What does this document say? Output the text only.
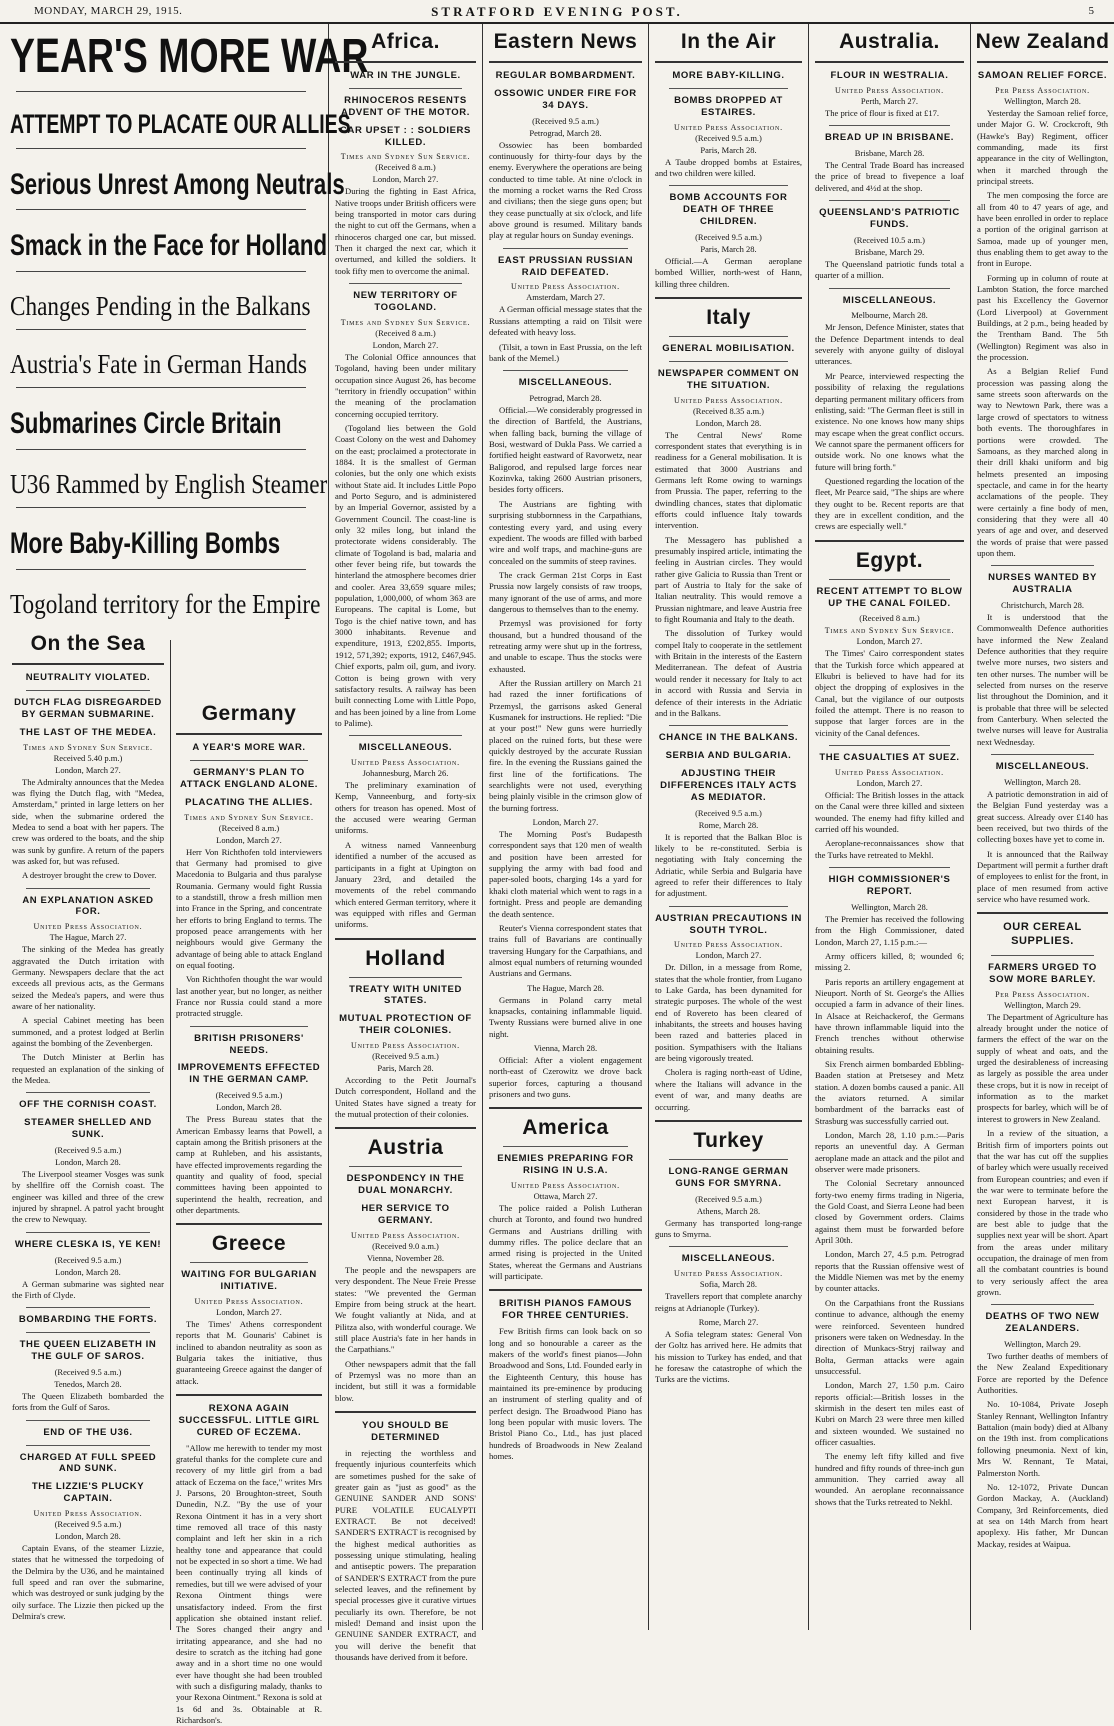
MONDAY, MARCH 29, 1915.	STRATFORD EVENING POST.	5
YEAR'S MORE WAR
ATTEMPT TO PLACATE OUR ALLIES
Serious Unrest Among Neutrals
Smack in the Face for Holland
Changes Pending in the Balkans
Austria's Fate in German Hands
Submarines Circle Britain
U36 Rammed by English Steamer
More Baby-Killing Bombs
Togoland territory for the Empire
On the Sea
NEUTRALITY VIOLATED.
DUTCH FLAG DISREGARDED BY GERMAN SUBMARINE.
THE LAST OF THE MEDEA.
Times and Sydney Sun Service.
Received 5.40 p.m.)
London, March 27.

The Admiralty announces that the Medea was flying the Dutch flag, with "Medea, Amsterdam," printed in large letters on her side, when the submarine ordered the Medea to send a boat with her papers. The crew was ordered to the boats, and the ship was sunk by gunfire. A return of the papers was asked for, but was refused.

A destroyer brought the crew to Dover.

AN EXPLANATION ASKED FOR.
United Press Association.
The Hague, March 27.

The sinking of the Medea has greatly aggravated the Dutch irritation with Germany. Newspapers declare that the act exceeds all previous acts, as the Germans seized the Medea's papers, and were thus aware of her nationality.

A special Cabinet meeting has been summoned, and a protest lodged at Berlin against the bombing of the Zevenbergen.

The Dutch Minister at Berlin has requested an explanation of the sinking of the Medea.

OFF THE CORNISH COAST.
STEAMER SHELLED AND SUNK.
(Received 9.5 a.m.)
London, March 28.

The Liverpool steamer Vosges was sunk by shellfire off the Cornish coast. The engineer was killed and three of the crew injured by shrapnel. A patrol yacht brought the crew to Newquay.

WHERE CLESKA IS, YE KEN!
(Received 9.5 a.m.)
London, March 28.

A German submarine was sighted near the Firth of Clyde.

BOMBARDING THE FORTS.
THE QUEEN ELIZABETH IN THE GULF OF SAROS.
(Received 9.5 a.m.)
Tenedos, March 28.

The Queen Elizabeth bombarded the forts from the Gulf of Saros.

END OF THE U36.
CHARGED AT FULL SPEED AND SUNK.
THE LIZZIE'S PLUCKY CAPTAIN.
United Press Association.
(Received 9.5 a.m.)
London, March 28.

Captain Evans, of the steamer Lizzie, states that he witnessed the torpedoing of the Delmira by the U36, and he maintained full speed and ran over the submarine, which was destroyed or sunk judging by the oily surface. The Lizzie then picked up the Delmira's crew.

Germany
A YEAR'S MORE WAR.
GERMANY'S PLAN TO ATTACK ENGLAND ALONE.
PLACATING THE ALLIES.
Times and Sydney Sun Service.
(Received 8 a.m.)
London, March 27.

Herr Von Richthofen told interviewers that Germany had promised to give Macedonia to Bulgaria and thus paralyse Roumania. Germany would fight Russia to a standstill, throw a fresh million men into France in the Spring, and concentrate her efforts to bring England to terms. The proposed peace arrangements with her neighbours would give Germany the advantage of being able to attack England on equal footing.

Von Richthofen thought the war would last another year, but no longer, as neither France nor Russia could stand a more protracted struggle.

BRITISH PRISONERS' NEEDS.
IMPROVEMENTS EFFECTED IN THE GERMAN CAMP.
(Received 9.5 a.m.)
London, March 28.

The Press Bureau states that the American Embassy learns that Powell, a captain among the British prisoners at the camp at Ruhleben, and his assistants, have effected improvements regarding the quantity and quality of food, special committees having been appointed to superintend the health, recreation, and other departments.

Greece
WAITING FOR BULGARIAN INITIATIVE.
United Press Association.
London, March 27.

The Times' Athens correspondent reports that M. Gounaris' Cabinet is inclined to abandon neutrality as soon as Bulgaria takes the initiative, thus guaranteeing Greece against the danger of attack.

REXONA AGAIN SUCCESSFUL. LITTLE GIRL CURED OF ECZEMA.

"Allow me herewith to tender my most grateful thanks for the complete cure and recovery of my little girl from a bad attack of Eczema on the face," writes Mrs J. Parsons, 20 Broughton-street, South Dunedin, N.Z. "By the use of your Rexona Ointment it has in a very short time removed all trace of this nasty complaint and left her skin in a rich healthy tone and appearance that could not be expected in so short a time. We had been continually trying all kinds of remedies, but till we were advised of your Rexona Ointment things were unsatisfactory indeed. From the first application she obtained instant relief. The Sores changed their angry and irritating appearance, and she had no desire to scratch as the itching had gone away and in a short time no one would ever have thought she had been troubled with such a disfiguring malady, thanks to your Rexona Ointment." Rexona is sold at 1s 6d and 3s. Obtainable at R. Richardson's.

Africa.
WAR IN THE JUNGLE.
RHINOCEROS RESENTS ADVENT OF THE MOTOR.
CAR UPSET : : SOLDIERS KILLED.
Times and Sydney Sun Service.
(Received 8 a.m.)
London, March 27.

During the fighting in East Africa, Native troops under British officers were being transported in motor cars during the night to cut off the Germans, when a rhinoceros charged one car, but missed. Then it charged the next car, which it overturned, and killed the soldiers. It took fifty men to overcome the animal.

NEW TERRITORY OF TOGOLAND.
Times and Sydney Sun Service.
(Received 8 a.m.)
London, March 27.

The Colonial Office announces that Togoland, having been under military occupation since August 26, has become "territory in friendly occupation" within the meaning of the proclamation concerning occupied territory.

(Togoland lies between the Gold Coast Colony on the west and Dahomey on the east; proclaimed a protectorate in 1884. It is the smallest of German colonies, but the only one which exists without State aid. It includes Little Popo and Porto Seguro, and is administered by an Imperial Governor, assisted by a Government Council. The coast-line is only 32 miles long, but inland the protectorate widens considerably. The climate of Togoland is bad, malaria and other fever being rife, but towards the hinterland the atmosphere becomes drier and cooler. Area 33,659 square miles; population, 1,000,000, of whom 363 are Europeans. The capital is Lome, but Togo is the chief native town, and has 3000 inhabitants. Revenue and expenditure, 1913, £202,855. Imports, 1912, 571,392; exports, 1912, £467,945. Chief exports, palm oil, gum, and ivory. Cotton is being grown with very satisfactory results. A railway has been built connecting Lome with Little Popo, and has been joined by a line from Lome to Palime).

MISCELLANEOUS.
United Press Association.
Johannesburg, March 26.

The preliminary examination of Kemp, Vanneenburg, and forty-six others for treason has opened. Most of the accused were wearing German uniforms.

A witness named Vanneenburg identified a number of the accused as participants in a fight at Upington on January 23rd, and detailed the movements of the rebel commando which entered German territory, where it was equipped with rifles and German uniforms.

Holland
TREATY WITH UNITED STATES.
MUTUAL PROTECTION OF THEIR COLONIES.
United Press Association.
(Received 9.5 a.m.)
Paris, March 28.

According to the Petit Journal's Dutch correspondent, Holland and the United States have signed a treaty for the mutual protection of their colonies.

Austria
DESPONDENCY IN THE DUAL MONARCHY.
HER SERVICE TO GERMANY.
United Press Association.
(Received 9.0 a.m.)
Vienna, November 28.

The people and the newspapers are very despondent. The Neue Freie Presse states: "We prevented the German Empire from being struck at the heart. We fought valiantly at Nida, and at Pilitza also, with wonderful courage. We still place Austria's fate in her hands in the Carpathians."

Other newspapers admit that the fall of Przemysl was no more than an incident, but still it was a formidable blow.

YOU SHOULD BE DETERMINED

in rejecting the worthless and frequently injurious counterfeits which are sometimes pushed for the sake of greater gain as "just as good" as the GENUINE SANDER AND SONS' PURE VOLATILE EUCALYPTI EXTRACT. Be not deceived! SANDER'S EXTRACT is recognised by the highest medical authorities as possessing unique stimulating, healing and antiseptic powers. The preparation of SANDER'S EXTRACT from the pure selected leaves, and the refinement by special processes give it curative virtues peculiarly its own. Therefore, be not misled! Demand and insist upon the GENUINE SANDER EXTRACT, and you will derive the benefit that thousands have derived from it before.

Eastern News
REGULAR BOMBARDMENT.
OSSOWIC UNDER FIRE FOR 34 DAYS.
(Received 9.5 a.m.)
Petrograd, March 28.

Ossowiec has been bombarded continuously for thirty-four days by the enemy. Everywhere the operations are being conducted to time table. At nine o'clock in the morning a rocket warns the Red Cross and civilians; then the siege guns open; but they cease punctually at six o'clock, and life above ground is resumed. Military bands play at regular hours on Sunday evenings.

EAST PRUSSIAN RUSSIAN RAID DEFEATED.
United Press Association.
Amsterdam, March 27.

A German official message states that the Russians attempting a raid on Tilsit were defeated with heavy loss.

(Tilsit, a town in East Prussia, on the left bank of the Memel.)

MISCELLANEOUS.
Petrograd, March 28.

Official.—We considerably progressed in the direction of Bartfeld, the Austrians, when falling back, burning the village of Bosi, westward of Dukla Pass. We carried a fortified height eastward of Ravorwetz, near Baligorod, and repulsed large forces near Kozinvka, taking 2600 Austrian prisoners, besides forty officers.

The Austrians are fighting with surprising stubbornness in the Carpathians, contesting every yard, and using every expedient. The woods are filled with barbed wire and wolf traps, and machine-guns are concealed on the summits of steep ravines.

The crack German 21st Corps in East Prussia now largely consists of raw troops, many ignorant of the use of arms, and more dangerous to themselves than to the enemy.

Przemysl was provisioned for forty thousand, but a hundred thousand of the retreating army were shut up in the fortress, and unable to escape. Thus the stocks were exhausted.

After the Russian artillery on March 21 had razed the inner fortifications of Przemysl, the garrisons asked General Kusmanek for instructions. He replied: "Die at your post!" New guns were hurriedly placed on the ruined forts, but these were quickly destroyed by the accurate Russian fire. In the evening the Russians gained the first line of the fortifications. The searchlights were not used, everything being plainly visible in the crimson glow of the burning fortress.

London, March 27.

The Morning Post's Budapesth correspondent says that 120 men of wealth and position have been arrested for supplying the army with bad food and paper-soled boots, charging 14s a yard for khaki cloth material which went to rags in a fortnight. Press and people are demanding the death sentence.

Reuter's Vienna correspondent states that trains full of Bavarians are continually traversing Hungary for the Carpathians, and almost equal numbers of returning wounded Austrians and Germans.

The Hague, March 28.

Germans in Poland carry metal knapsacks, containing inflammable liquid. Twenty Russians were burned alive in one night.

Vienna, March 28.

Official: After a violent engagement north-east of Czerowitz we drove back superior forces, capturing a thousand prisoners and two guns.

America
ENEMIES PREPARING FOR RISING IN U.S.A.
United Press Association.
Ottawa, March 27.

The police raided a Polish Lutheran church at Toronto, and found two hundred Germans and Austrians drilling with dummy rifles. The police declare that an armed rising is projected in the United States, whereat the Germans and Austrians will participate.

BRITISH PIANOS FAMOUS FOR THREE CENTURIES.

Few British firms can look back on so long and so honourable a career as the makers of the world's finest pianos—John Broadwood and Sons, Ltd. Founded early in the Eighteenth Century, this house has maintained its pre-eminence by producing an instrument of sterling quality and of perfect design. The Broadwood Piano has long been popular with music lovers. The Bristol Piano Co., Ltd., has just placed hundreds of Broadwoods in New Zealand homes.

In the Air
MORE BABY-KILLING.
BOMBS DROPPED AT ESTAIRES.
United Press Association.
(Received 9.5 a.m.)
Paris, March 28.

A Taube dropped bombs at Estaires, and two children were killed.

BOMB ACCOUNTS FOR DEATH OF THREE CHILDREN.
(Received 9.5 a.m.)
Paris, March 28.

Official.—A German aeroplane bombed Willier, north-west of Hann, killing three children.

Italy
GENERAL MOBILISATION.
NEWSPAPER COMMENT ON THE SITUATION.
United Press Association.
(Received 8.35 a.m.)
London, March 28.

The Central News' Rome correspondent states that everything is in readiness for a General mobilisation. It is estimated that 3000 Austrians and Germans left Rome owing to warnings from Prussia. The paper, referring to the dwindling chances, states that diplomatic efforts could influence Italy towards intervention.

The Messagero has published a presumably inspired article, intimating the feeling in Austrian circles. They would rather give Galicia to Russia than Trent or part of Austria to Italy for the sake of Italian neutrality. This would remove a Prussian nightmare, and leave Austria free to fight Roumania and Italy to the death.

The dissolution of Turkey would compel Italy to cooperate in the settlement with Britain in the interests of the Eastern Mediterranean. The defeat of Austria would render it necessary for Italy to act in accord with Russia and Servia in defence of their interests in the Adriatic and in the Balkans.

CHANCE IN THE BALKANS.
SERBIA AND BULGARIA.
ADJUSTING THEIR DIFFERENCES ITALY ACTS AS MEDIATOR.
(Received 9.5 a.m.)
Rome, March 28.

It is reported that the Balkan Bloc is likely to be re-constituted. Serbia is negotiating with Italy concerning the Adriatic, while Serbia and Bulgaria have agreed to refer their differences to Italy for adjustment.

AUSTRIAN PRECAUTIONS IN SOUTH TYROL.
United Press Association.
London, March 27.

Dr. Dillon, in a message from Rome, states that the whole frontier, from Lugano to Lake Garda, has been dynamited for strategic purposes. The whole of the west end of Rovereto has been cleared of inhabitants, the streets and houses having been razed and batteries placed in position. Sympathisers with the Italians are being vigorously treated.

Cholera is raging north-east of Udine, where the Italians will advance in the event of war, and many deaths are occurring.

Turkey
LONG-RANGE GERMAN GUNS FOR SMYRNA.
(Received 9.5 a.m.)
Athens, March 28.

Germany has transported long-range guns to Smyrna.

MISCELLANEOUS.
United Press Association.
Sofia, March 28.

Travellers report that complete anarchy reigns at Adrianople (Turkey).

Rome, March 27.

A Sofia telegram states: General Von der Goltz has arrived here. He admits that his mission to Turkey has ended, and that he foresaw the catastrophe of which the Turks are the victims.

Australia.
FLOUR IN WESTRALIA.
United Press Association.
Perth, March 27.

The price of flour is fixed at £17.

BREAD UP IN BRISBANE.
Brisbane, March 28.

The Central Trade Board has increased the price of bread to fivepence a loaf delivered, and 4½d at the shop.

QUEENSLAND'S PATRIOTIC FUNDS.
(Received 10.5 a.m.)
Brisbane, March 29.

The Queensland patriotic funds total a quarter of a million.

MISCELLANEOUS.
Melbourne, March 28.

Mr Jenson, Defence Minister, states that the Defence Department intends to deal severely with anyone guilty of disloyal utterances.

Mr Pearce, interviewed respecting the possibility of relaxing the regulations departing permanent military officers from enlisting, said: "The German fleet is still in existence. No one knows how many ships may escape when the great conflict occurs. We cannot spare the permanent officers for outside work. No one knows what the future will bring forth."

Questioned regarding the location of the fleet, Mr Pearce said, "The ships are where they ought to be. Recent reports are that they are in excellent condition, and the crews are especially well."

Egypt.
RECENT ATTEMPT TO BLOW UP THE CANAL FOILED.
(Received 8 a.m.)
Times and Sydney Sun Service.
London, March 27.

The Times' Cairo correspondent states that the Turkish force which appeared at Elkubri is believed to have had for its object the dropping of explosives in the Canal, but the vigilance of our outposts foiled the attempt. There is no reason to suppose that larger forces are in the vicinity of the Canal defences.

THE CASUALTIES AT SUEZ.
United Press Association.
London, March 27.

Official: The British losses in the attack on the Canal were three killed and sixteen wounded. The enemy had fifty killed and carried off his wounded.

Aeroplane-reconnaissances show that the Turks have retreated to Mekhl.

HIGH COMMISSIONER'S REPORT.
Wellington, March 28.

The Premier has received the following from the High Commissioner, dated London, March 27, 1.15 p.m.:—

Army officers killed, 8; wounded 6; missing 2.

Paris reports an artillery engagement at Nieuport. North of St. George's the Allies occupied a farm in advance of their lines. In Alsace at Reichackerof, the Germans have thrown inflammable liquid into the French trenches without otherwise obtaining results.

Six French airmen bombarded Ebbling-Baaden station at Pretsesey and Metz station. A dozen bombs caused a panic. All the aviators returned. A similar bombardment of the barracks east of Strasburg was successfully carried out.

London, March 28, 1.10 p.m.:—Paris reports an uneventful day. A German aeroplane made an attack and the pilot and observer were made prisoners.

The Colonial Secretary announced forty-two enemy firms trading in Nigeria, the Gold Coast, and Sierra Leone had been closed by Government orders. Claims against them must be forwarded before April 30th.

London, March 27, 4.5 p.m. Petrograd reports that the Russian offensive west of the Middle Niemen was met by the enemy by counter attacks.

On the Carpathians front the Russians continue to advance, although the enemy were reinforced. Seventeen hundred prisoners were taken on Wednesday. In the direction of Munkacs-Stryj railway and Bolta, German attacks were again unsuccessful.

London, March 27, 1.50 p.m. Cairo reports official:—British losses in the skirmish in the desert ten miles east of Kubri on March 23 were three men killed and sixteen wounded. We sustained no officer casualties.

The enemy left fifty killed and five hundred and fifty rounds of three-inch gun ammunition. They carried away all wounded. An aeroplane reconnaissance shows that the Turks retreated to Nekhl.

New Zealand
SAMOAN RELIEF FORCE.
Per Press Association.
Wellington, March 28.

Yesterday the Samoan relief force, under Major G. W. Crockcroft, 9th (Hawke's Bay) Regiment, officer commanding, made its first appearance in the city of Wellington, when it marched through the principal streets.

The men composing the force are all from 40 to 47 years of age, and have been enrolled in order to replace a portion of the original garrison at Samoa, made up of younger men, thus enabling them to get away to the front in Europe.

Forming up in column of route at Lambton Station, the force marched past his Excellency the Governor (Lord Liverpool) at Government Buildings, at 2 p.m., being headed by the Trentham Band. The 5th (Wellington) Regiment was also in the procession.

As a Belgian Relief Fund procession was passing along the same streets soon afterwards on the way to Newtown Park, there was a large crowd of spectators to witness both events. The thoroughfares in portions were crowded. The Samoans, as they marched along in their drill khaki uniform and big helmets presented an imposing spectacle, and came in for the hearty acclamations of the people. They were certainly a fine body of men, considering that they were all 40 years of age and over, and deserved the words of praise that were passed upon them.

NURSES WANTED BY AUSTRALIA
Christchurch, March 28.

It is understood that the Commonwealth Defence authorities have informed the New Zealand Defence authorities that they require twelve more nurses, two sisters and ten other nurses. The number will be selected from nurses on the reserve list throughout the Dominion, and it is probable that three will be selected from Canterbury. When selected the twelve nurses will leave for Australia next Wednesday.

MISCELLANEOUS.
Wellington, March 28.

A patriotic demonstration in aid of the Belgian Fund yesterday was a great success. Already over £140 has been received, but two thirds of the collecting boxes have yet to come in.

It is announced that the Railway Department will permit a further draft of employees to enlist for the front, in place of men resumed from active service who have resumed work.

OUR CEREAL SUPPLIES.
FARMERS URGED TO SOW MORE BARLEY.
Per Press Association.
Wellington, March 29.

The Department of Agriculture has already brought under the notice of farmers the effect of the war on the supply of wheat and oats, and the urged the desirableness of increasing as largely as possible the area under these crops, but it is now in receipt of information as to the market prospects for barley, which will be of interest to growers in New Zealand.

In a review of the situation, a British firm of importers points out that the war has cut off the supplies of barley which were usually received from European countries; and even if the war were to terminate before the next European harvest, it is considered by those in the trade who are best able to judge that the supplies next year will be short. Apart from the areas under military occupation, the drainage of men from all the combatant countries is bound to very seriously affect the area grown.

DEATHS OF TWO NEW ZEALANDERS.
Wellington, March 29.

Two further deaths of members of the New Zealand Expeditionary Force are reported by the Defence Authorities.

No. 10-1084, Private Joseph Stanley Rennant, Wellington Infantry Battalion (main body) died at Albany on the 19th inst. from complications following pneumonia. Next of kin, Mrs W. Rennant, Te Matai, Palmerston North.

No. 12-1072, Private Duncan Gordon Mackay, A. (Auckland) Company, 3rd Reinforcements, died at sea on 14th March from heart apoplexy. His father, Mr Duncan Mackay, resides at Waipua.
